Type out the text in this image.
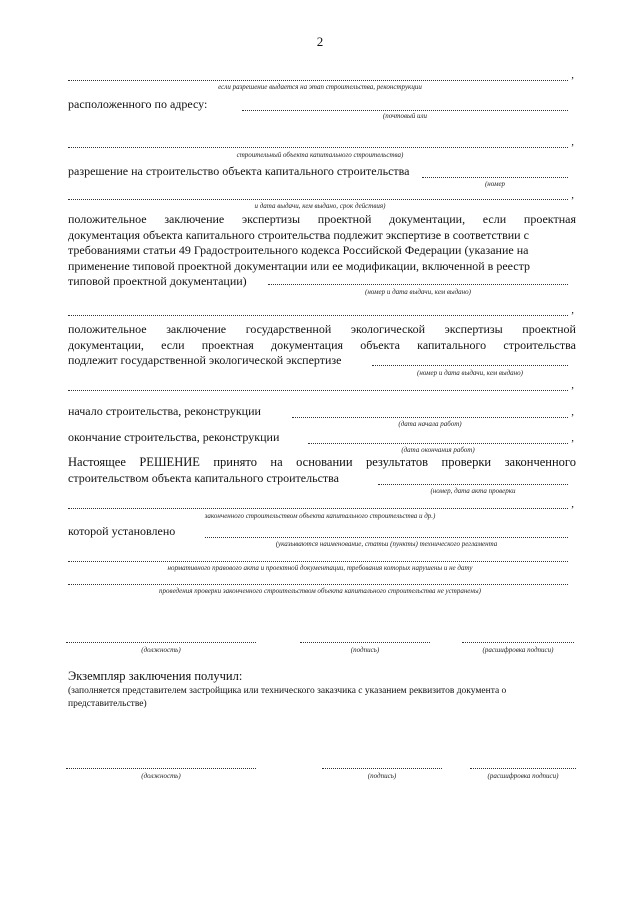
2
,
если разрешение выдается на этап строительства, реконструкции
расположенного по адресу:
(почтовый или
,
строительный объекта капитального строительства)
разрешение на строительство объекта капитального строительства
(номер
,
и дата выдачи, кем выдано, срок действия)
положительное заключение экспертизы проектной документации, если проектная
документация объекта капитального строительства подлежит экспертизе в соответствии с
требованиями статьи 49 Градостроительного кодекса Российской Федерации (указание на
применение типовой проектной документации или ее модификации, включенной в реестр
типовой проектной документации)
(номер и дата выдачи, кем выдано)
,
положительное заключение государственной экологической экспертизы проектной
документации, если проектная документация объекта капитального строительства
подлежит государственной экологической экспертизе
(номер и дата выдачи, кем выдано)
,
начало строительства, реконструкции	,
(дата начала работ)
окончание строительства, реконструкции	,
(дата окончания работ)
Настоящее РЕШЕНИЕ принято на основании результатов проверки законченного
строительством объекта капитального строительства
(номер, дата акта проверки
,
законченного строительством объекта капитального строительства и др.)
которой установлено
(указываются наименование, статьи (пункты) технического регламента
нормативного правового акта и проектной документации, требования которых нарушены и не дату
проведения проверки законченного строительством объекта капитального строительства не устранены)
(должность)	(подпись)	(расшифровка подписи)
Экземпляр заключения получил:
(заполняется представителем застройщика или технического заказчика с указанием реквизитов документа о представительстве)
(должность)	(подпись)	(расшифровка подписи)
